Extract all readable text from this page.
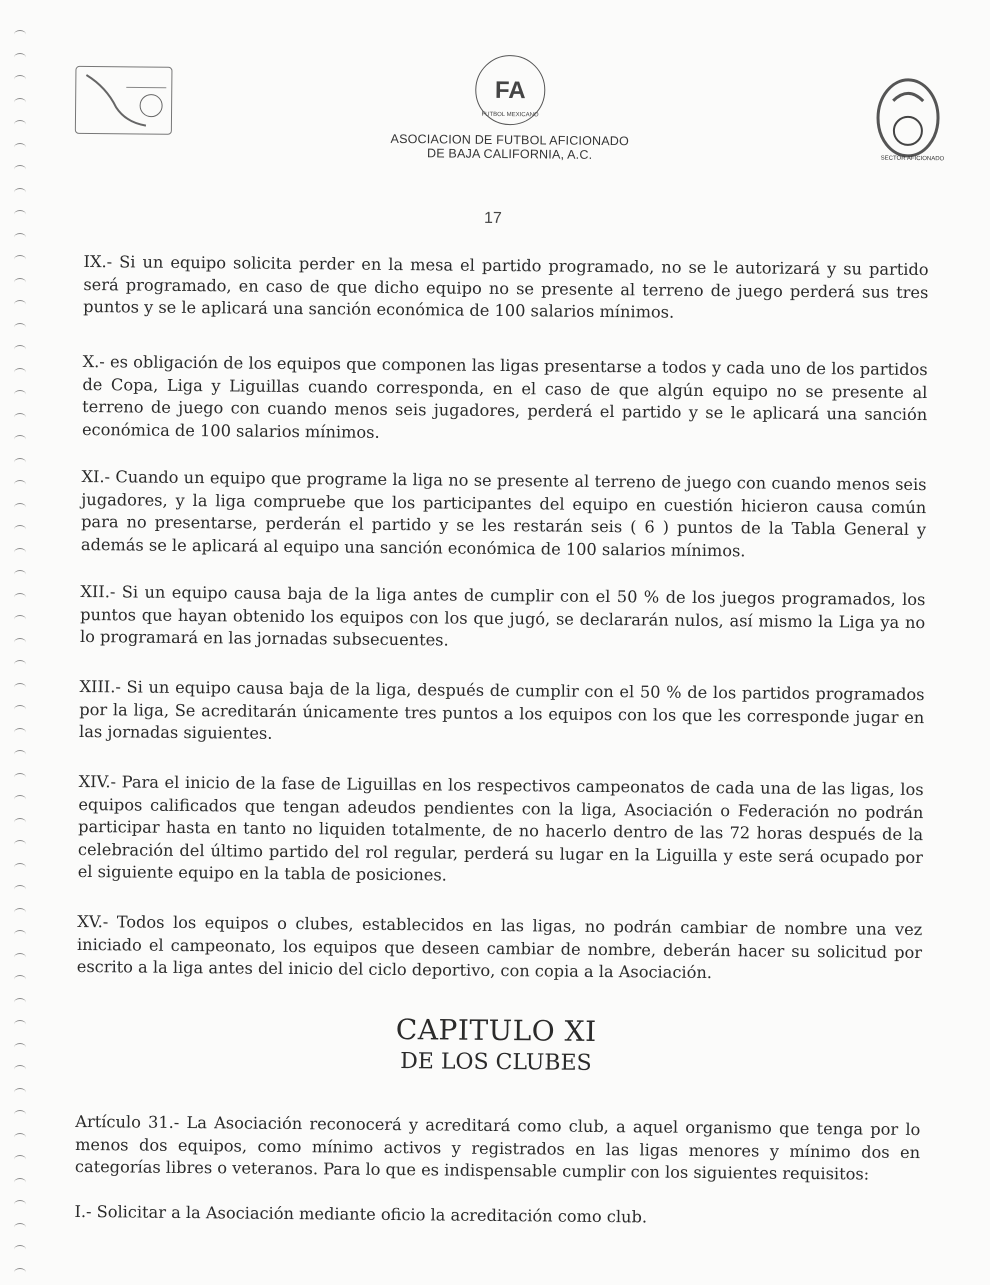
FA
FUTBOL MEXICANO
ASOCIACION DE FUTBOL AFICIONADO
DE BAJA CALIFORNIA, A.C.	SECTOR AFICIONADO
17
IX.- Si un equipo solicita perder en la mesa el partido programado, no se le autorizará y su partido será programado, en caso de que dicho equipo no se presente al terreno de juego perderá sus tres puntos y se le aplicará una sanción económica de 100 salarios mínimos.
X.- es obligación de los equipos que componen las ligas presentarse a todos y cada uno de los partidos de Copa, Liga y Liguillas cuando corresponda, en el caso de que algún equipo no se presente al terreno de juego con cuando menos seis jugadores, perderá el partido y se le aplicará una sanción económica de 100 salarios mínimos.
XI.- Cuando un equipo que programe la liga no se presente al terreno de juego con cuando menos seis jugadores, y la liga compruebe que los participantes del equipo en cuestión hicieron causa común para no presentarse, perderán el partido y se les restarán seis ( 6 ) puntos de la Tabla General y además se le aplicará al equipo una sanción económica de 100 salarios mínimos.
XII.- Si un equipo causa baja de la liga antes de cumplir con el 50 % de los juegos programados, los puntos que hayan obtenido los equipos con los que jugó, se declararán nulos, así mismo la Liga ya no lo programará en las jornadas subsecuentes.
XIII.- Si un equipo causa baja de la liga, después de cumplir con el 50 % de los partidos programados por la liga, Se acreditarán únicamente tres puntos a los equipos con los que les corresponde jugar en las jornadas siguientes.
XIV.- Para el inicio de la fase de Liguillas en los respectivos campeonatos de cada una de las ligas, los equipos calificados que tengan adeudos pendientes con la liga, Asociación o Federación no podrán participar hasta en tanto no liquiden totalmente, de no hacerlo dentro de las 72 horas después de la celebración del último partido del rol regular, perderá su lugar en la Liguilla y este será ocupado por el siguiente equipo en la tabla de posiciones.
XV.- Todos los equipos o clubes, establecidos en las ligas, no podrán cambiar de nombre una vez iniciado el campeonato, los equipos que deseen cambiar de nombre, deberán hacer su solicitud por escrito a la liga antes del inicio del ciclo deportivo, con copia a la Asociación.
CAPITULO XI
DE LOS CLUBES
Artículo 31.- La Asociación reconocerá y acreditará como club, a aquel organismo que tenga por lo menos dos equipos, como mínimo activos y registrados en las ligas menores y mínimo dos en categorías libres o veteranos. Para lo que es indispensable cumplir con los siguientes requisitos:
I.- Solicitar a la Asociación mediante oficio la acreditación como club.
